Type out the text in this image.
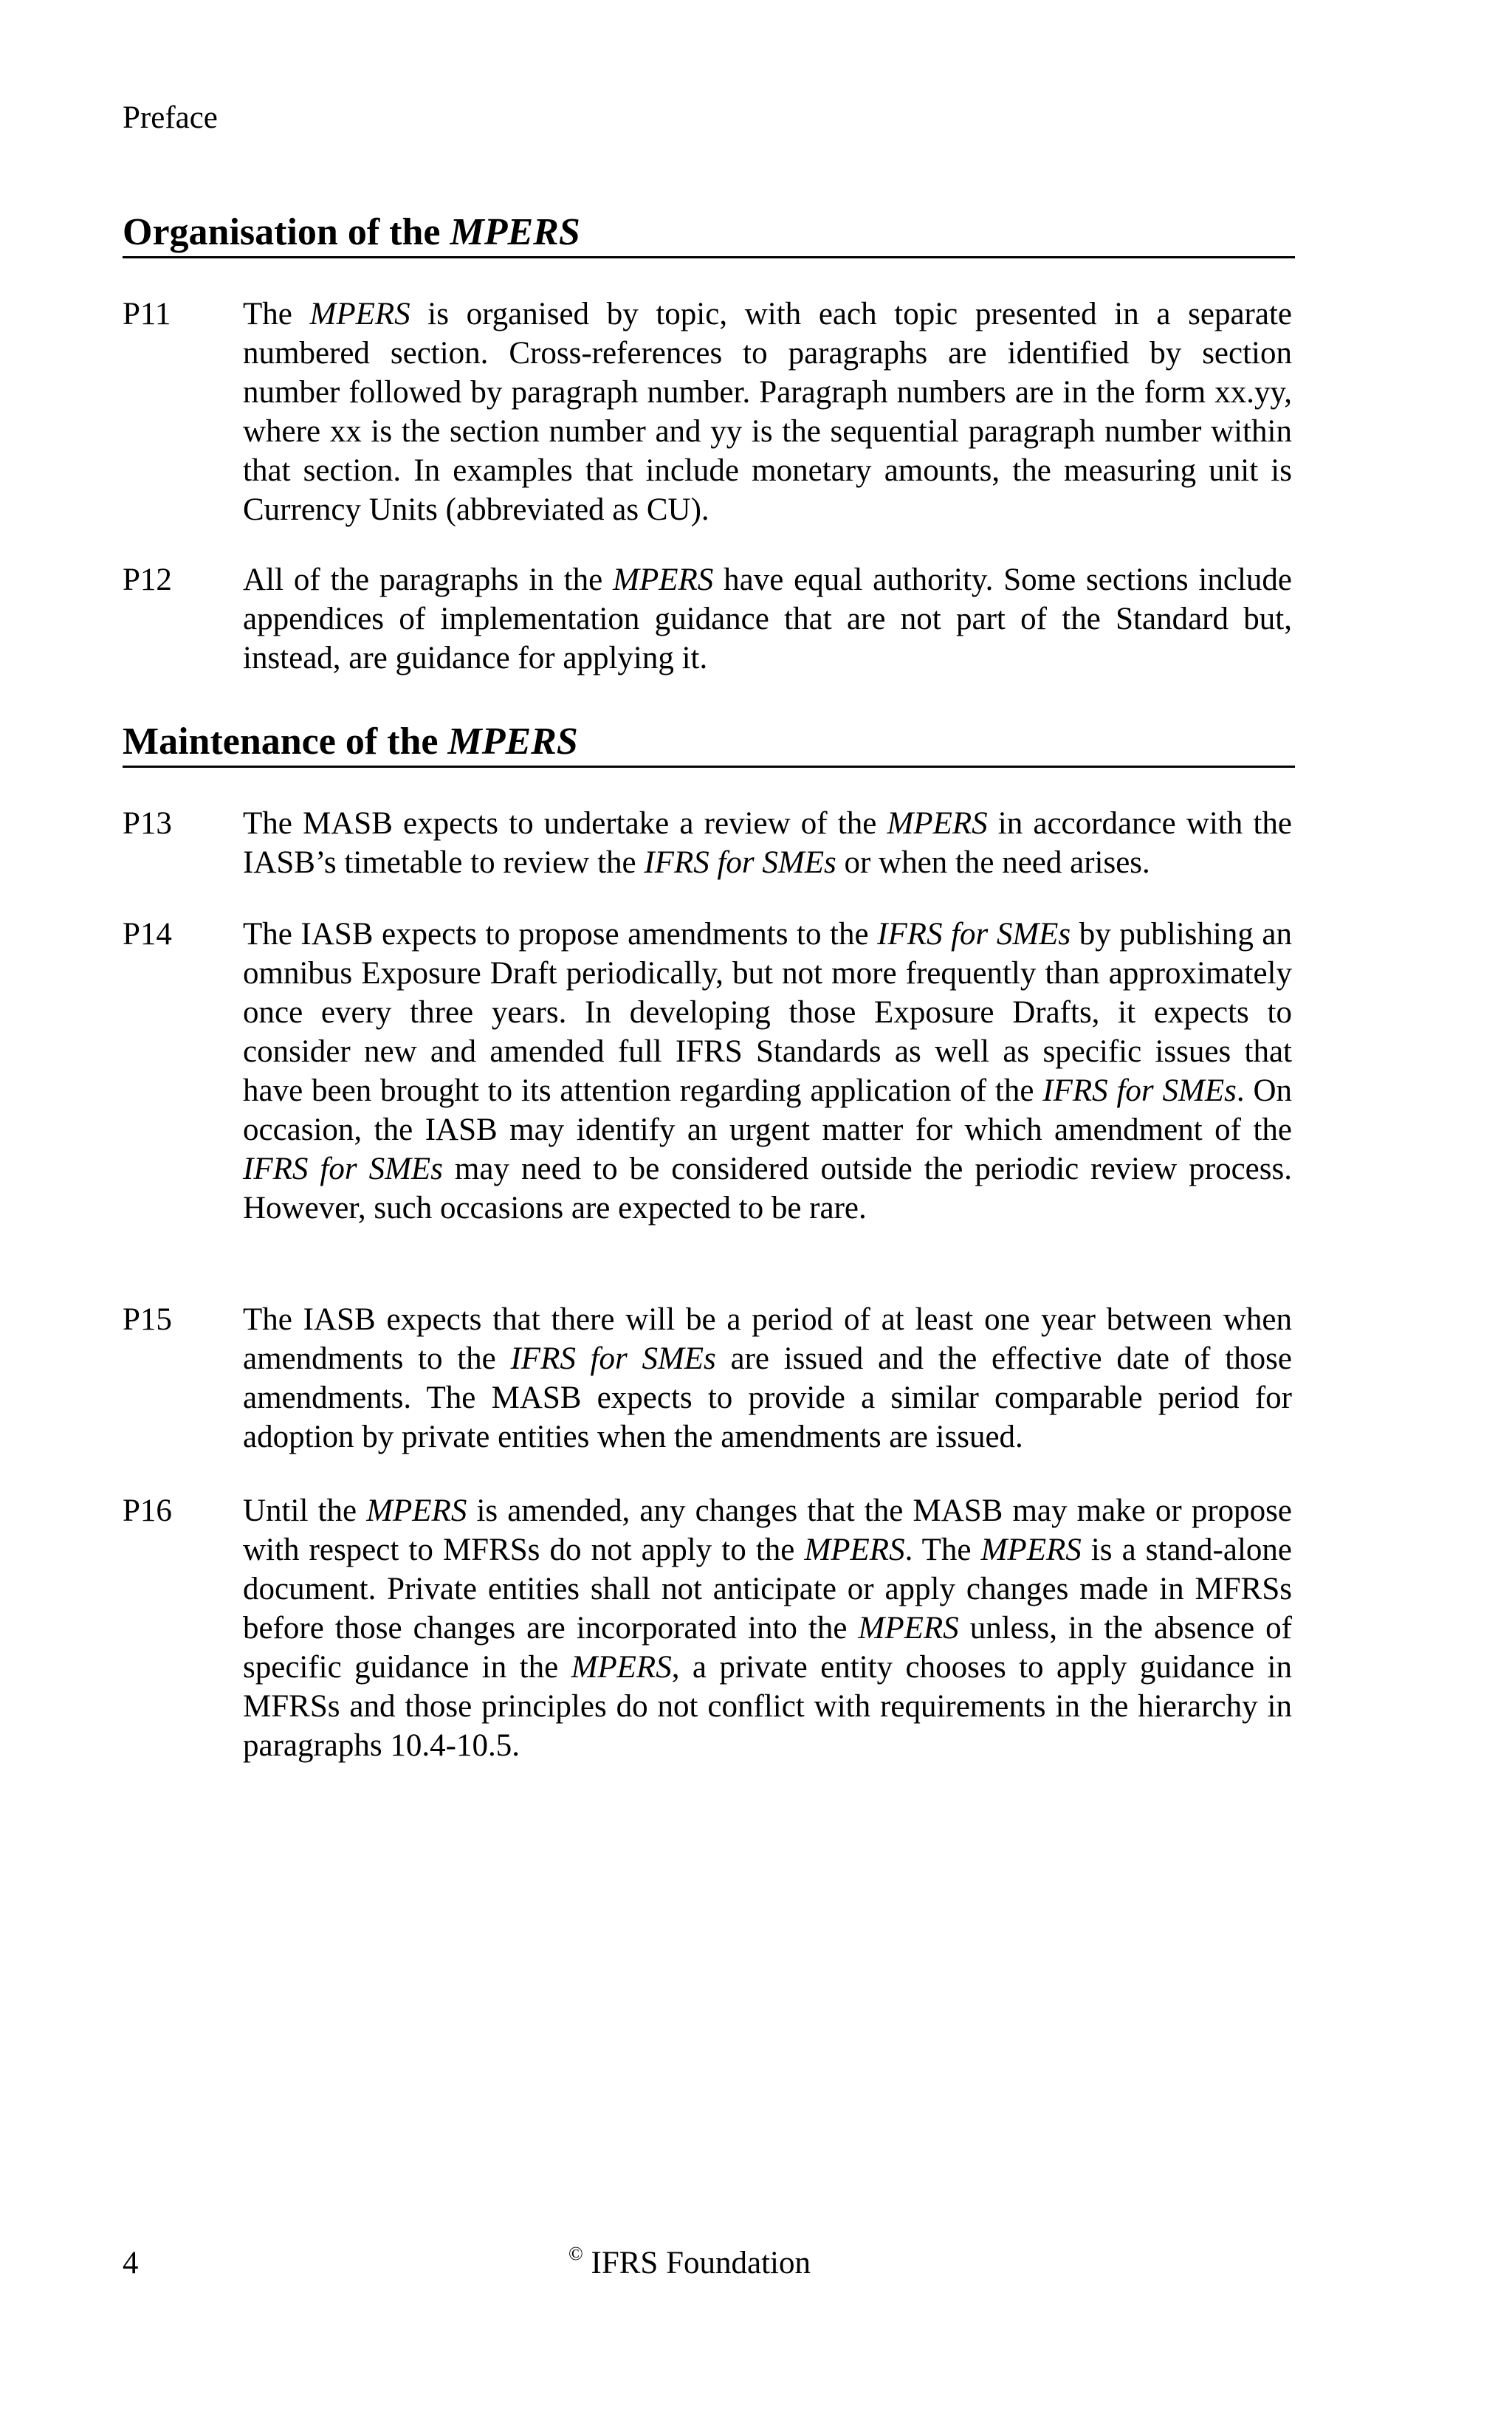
Preface

Organisation of the MPERS
P11 The MPERS is organised by topic, with each topic presented in a separate numbered section. Cross-references to paragraphs are identified by section number followed by paragraph number. Paragraph numbers are in the form xx.yy, where xx is the section number and yy is the sequential paragraph number within that section. In examples that include monetary amounts, the measuring unit is Currency Units (abbreviated as CU).

P12 All of the paragraphs in the MPERS have equal authority. Some sections include appendices of implementation guidance that are not part of the Standard but, instead, are guidance for applying it.

Maintenance of the MPERS
P13 The MASB expects to undertake a review of the MPERS in accordance with the IASB’s timetable to review the IFRS for SMEs or when the need arises.

P14 The IASB expects to propose amendments to the IFRS for SMEs by publishing an omnibus Exposure Draft periodically, but not more frequently than approximately once every three years. In developing those Exposure Drafts, it expects to consider new and amended full IFRS Standards as well as specific issues that have been brought to its attention regarding application of the IFRS for SMEs. On occasion, the IASB may identify an urgent matter for which amendment of the IFRS for SMEs may need to be considered outside the periodic review process. However, such occasions are expected to be rare.

P15 The IASB expects that there will be a period of at least one year between when amendments to the IFRS for SMEs are issued and the effective date of those amendments. The MASB expects to provide a similar comparable period for adoption by private entities when the amendments are issued.

P16 Until the MPERS is amended, any changes that the MASB may make or propose with respect to MFRSs do not apply to the MPERS. The MPERS is a stand-alone document. Private entities shall not anticipate or apply changes made in MFRSs before those changes are incorporated into the MPERS unless, in the absence of specific guidance in the MPERS, a private entity chooses to apply guidance in MFRSs and those principles do not conflict with requirements in the hierarchy in paragraphs 10.4-10.5.

4	© IFRS Foundation
